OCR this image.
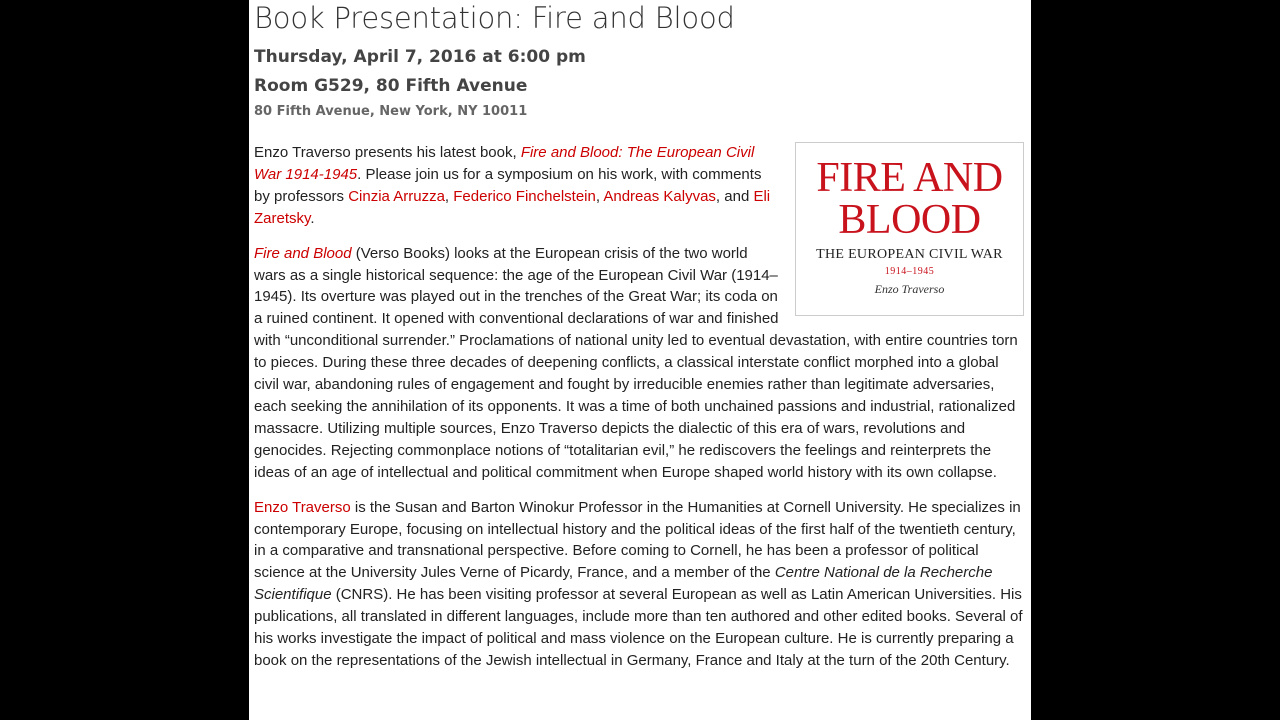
Book Presentation: Fire and Blood
Thursday, April 7, 2016 at 6:00 pm
Room G529, 80 Fifth Avenue
80 Fifth Avenue, New York, NY 10011
FIRE AND
BLOOD
THE EUROPEAN CIVIL WAR
1914–1945
Enzo Traverso

Enzo Traverso presents his latest book, Fire and Blood: The European Civil War 1914-1945. Please join us for a symposium on his work, with comments by professors Cinzia Arruzza, Federico Finchelstein, Andreas Kalyvas, and Eli Zaretsky.

Fire and Blood (Verso Books) looks at the European crisis of the two world wars as a single historical sequence: the age of the European Civil War (1914–1945). Its overture was played out in the trenches of the Great War; its coda on a ruined continent. It opened with conventional declarations of war and finished with “unconditional surrender.” Proclamations of national unity led to eventual devastation, with entire countries torn to pieces. During these three decades of deepening conflicts, a classical interstate conflict morphed into a global civil war, abandoning rules of engagement and fought by irreducible enemies rather than legitimate adversaries, each seeking the annihilation of its opponents. It was a time of both unchained passions and industrial, rationalized massacre. Utilizing multiple sources, Enzo Traverso depicts the dialectic of this era of wars, revolutions and genocides. Rejecting commonplace notions of “totalitarian evil,” he rediscovers the feelings and reinterprets the ideas of an age of intellectual and political commitment when Europe shaped world history with its own collapse.

Enzo Traverso is the Susan and Barton Winokur Professor in the Humanities at Cornell University. He specializes in contemporary Europe, focusing on intellectual history and the political ideas of the first half of the twentieth century, in a comparative and transnational perspective. Before coming to Cornell, he has been a professor of political science at the University Jules Verne of Picardy, France, and a member of the Centre National de la Recherche Scientifique (CNRS). He has been visiting professor at several European as well as Latin American Universities. His publications, all translated in different languages, include more than ten authored and other edited books. Several of his works investigate the impact of political and mass violence on the European culture. He is currently preparing a book on the representations of the Jewish intellectual in Germany, France and Italy at the turn of the 20th Century.
